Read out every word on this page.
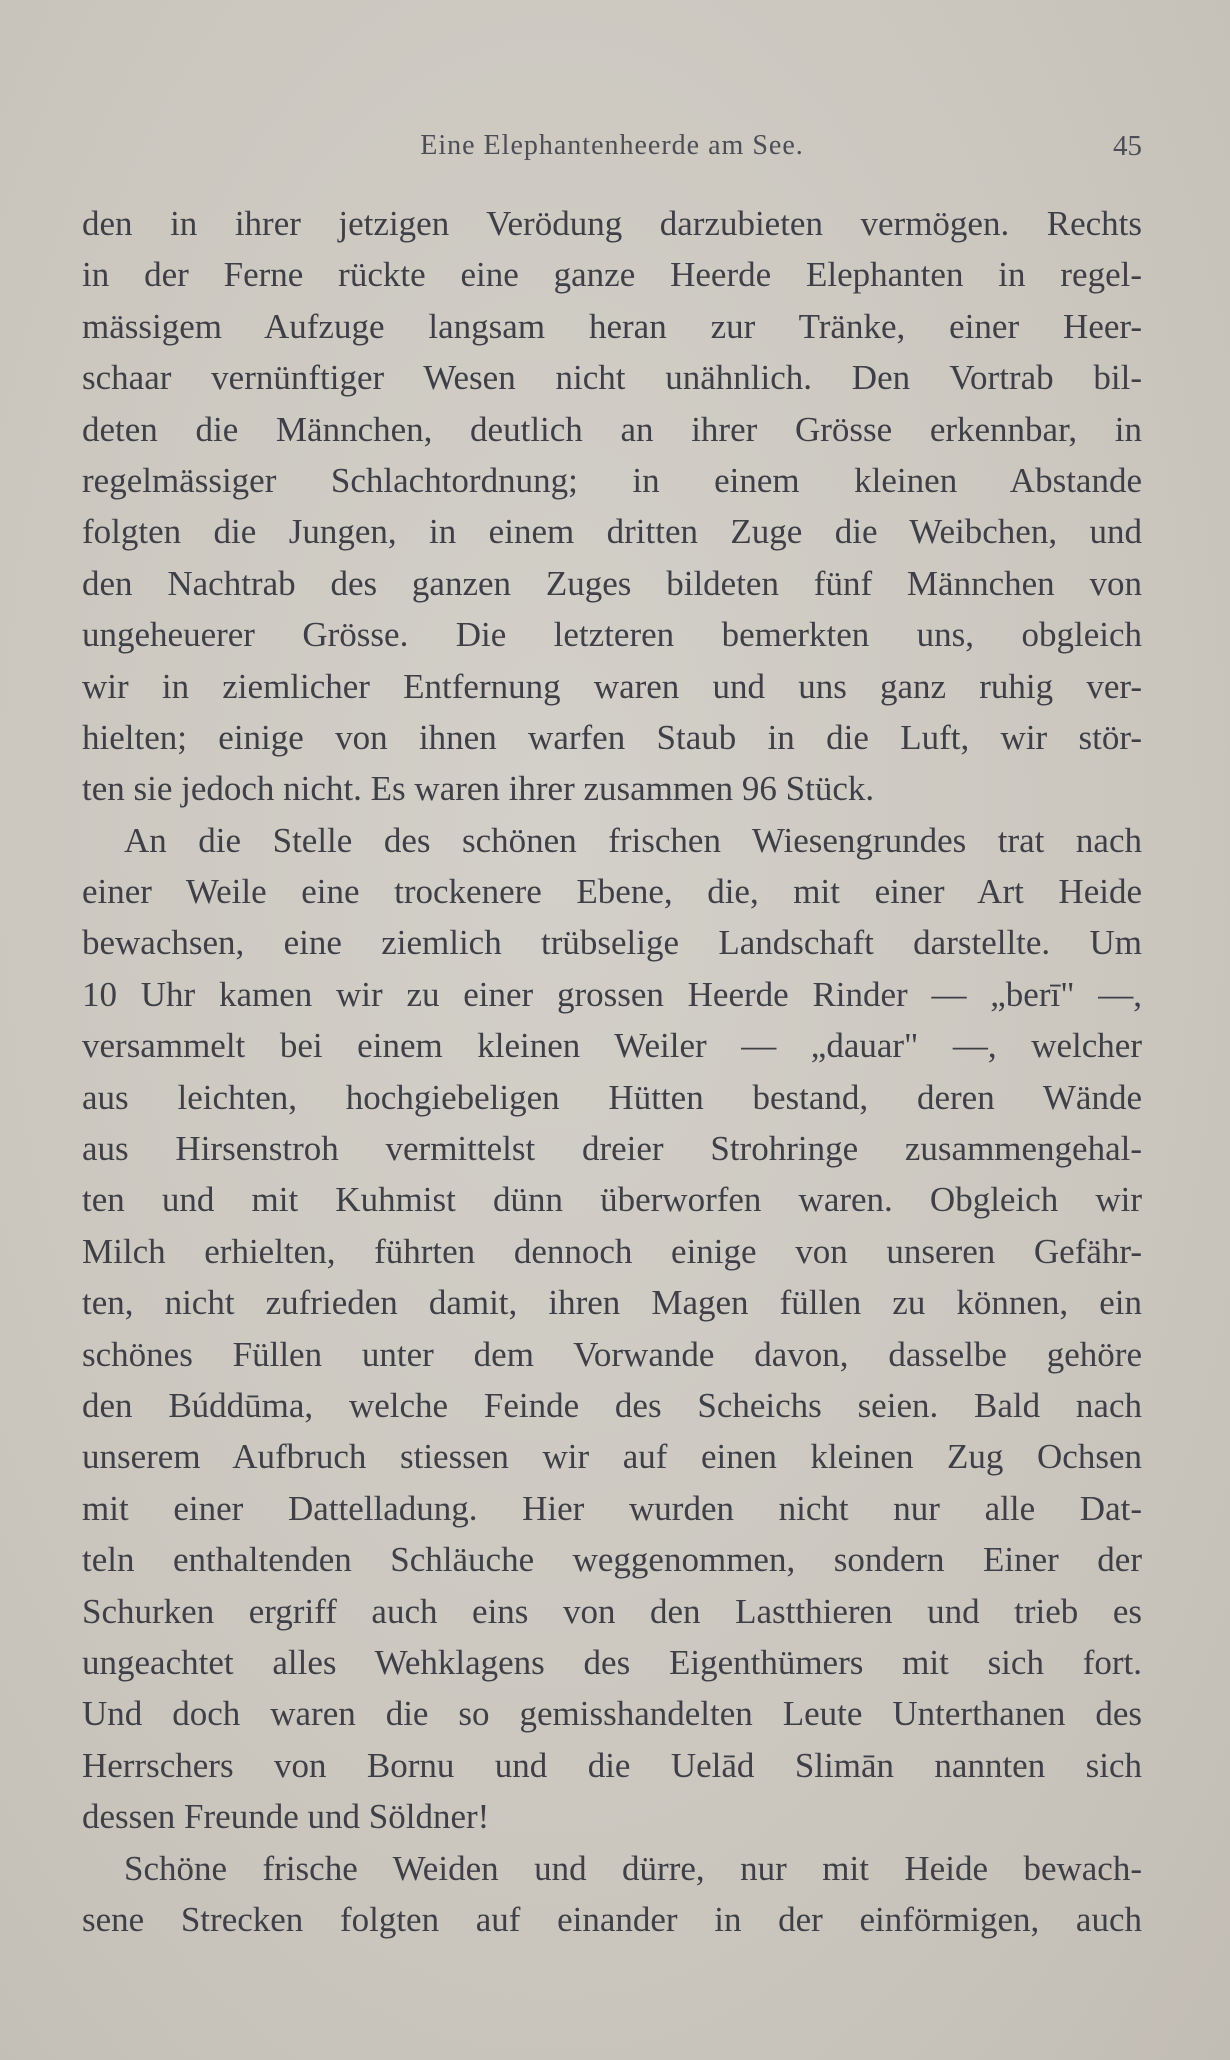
Eine Elephantenheerde am See.	45
den in ihrer jetzigen Verödung darzubieten vermögen. Rechts
in der Ferne rückte eine ganze Heerde Elephanten in regel-
mässigem Aufzuge langsam heran zur Tränke, einer Heer-
schaar vernünftiger Wesen nicht unähnlich. Den Vortrab bil-
deten die Männchen, deutlich an ihrer Grösse erkennbar, in
regelmässiger Schlachtordnung; in einem kleinen Abstande
folgten die Jungen, in einem dritten Zuge die Weibchen, und
den Nachtrab des ganzen Zuges bildeten fünf Männchen von
ungeheuerer Grösse. Die letzteren bemerkten uns, obgleich
wir in ziemlicher Entfernung waren und uns ganz ruhig ver-
hielten; einige von ihnen warfen Staub in die Luft, wir stör-
ten sie jedoch nicht. Es waren ihrer zusammen 96 Stück.
An die Stelle des schönen frischen Wiesengrundes trat nach
einer Weile eine trockenere Ebene, die, mit einer Art Heide
bewachsen, eine ziemlich trübselige Landschaft darstellte. Um
10 Uhr kamen wir zu einer grossen Heerde Rinder — „berī" —,
versammelt bei einem kleinen Weiler — „dauar" —, welcher
aus leichten, hochgiebeligen Hütten bestand, deren Wände
aus Hirsenstroh vermittelst dreier Strohringe zusammengehal-
ten und mit Kuhmist dünn überworfen waren. Obgleich wir
Milch erhielten, führten dennoch einige von unseren Gefähr-
ten, nicht zufrieden damit, ihren Magen füllen zu können, ein
schönes Füllen unter dem Vorwande davon, dasselbe gehöre
den Búddūma, welche Feinde des Scheichs seien. Bald nach
unserem Aufbruch stiessen wir auf einen kleinen Zug Ochsen
mit einer Dattelladung. Hier wurden nicht nur alle Dat-
teln enthaltenden Schläuche weggenommen, sondern Einer der
Schurken ergriff auch eins von den Lastthieren und trieb es
ungeachtet alles Wehklagens des Eigenthümers mit sich fort.
Und doch waren die so gemisshandelten Leute Unterthanen des
Herrschers von Bornu und die Uelād Slimān nannten sich
dessen Freunde und Söldner!
Schöne frische Weiden und dürre, nur mit Heide bewach-
sene Strecken folgten auf einander in der einförmigen, auch
